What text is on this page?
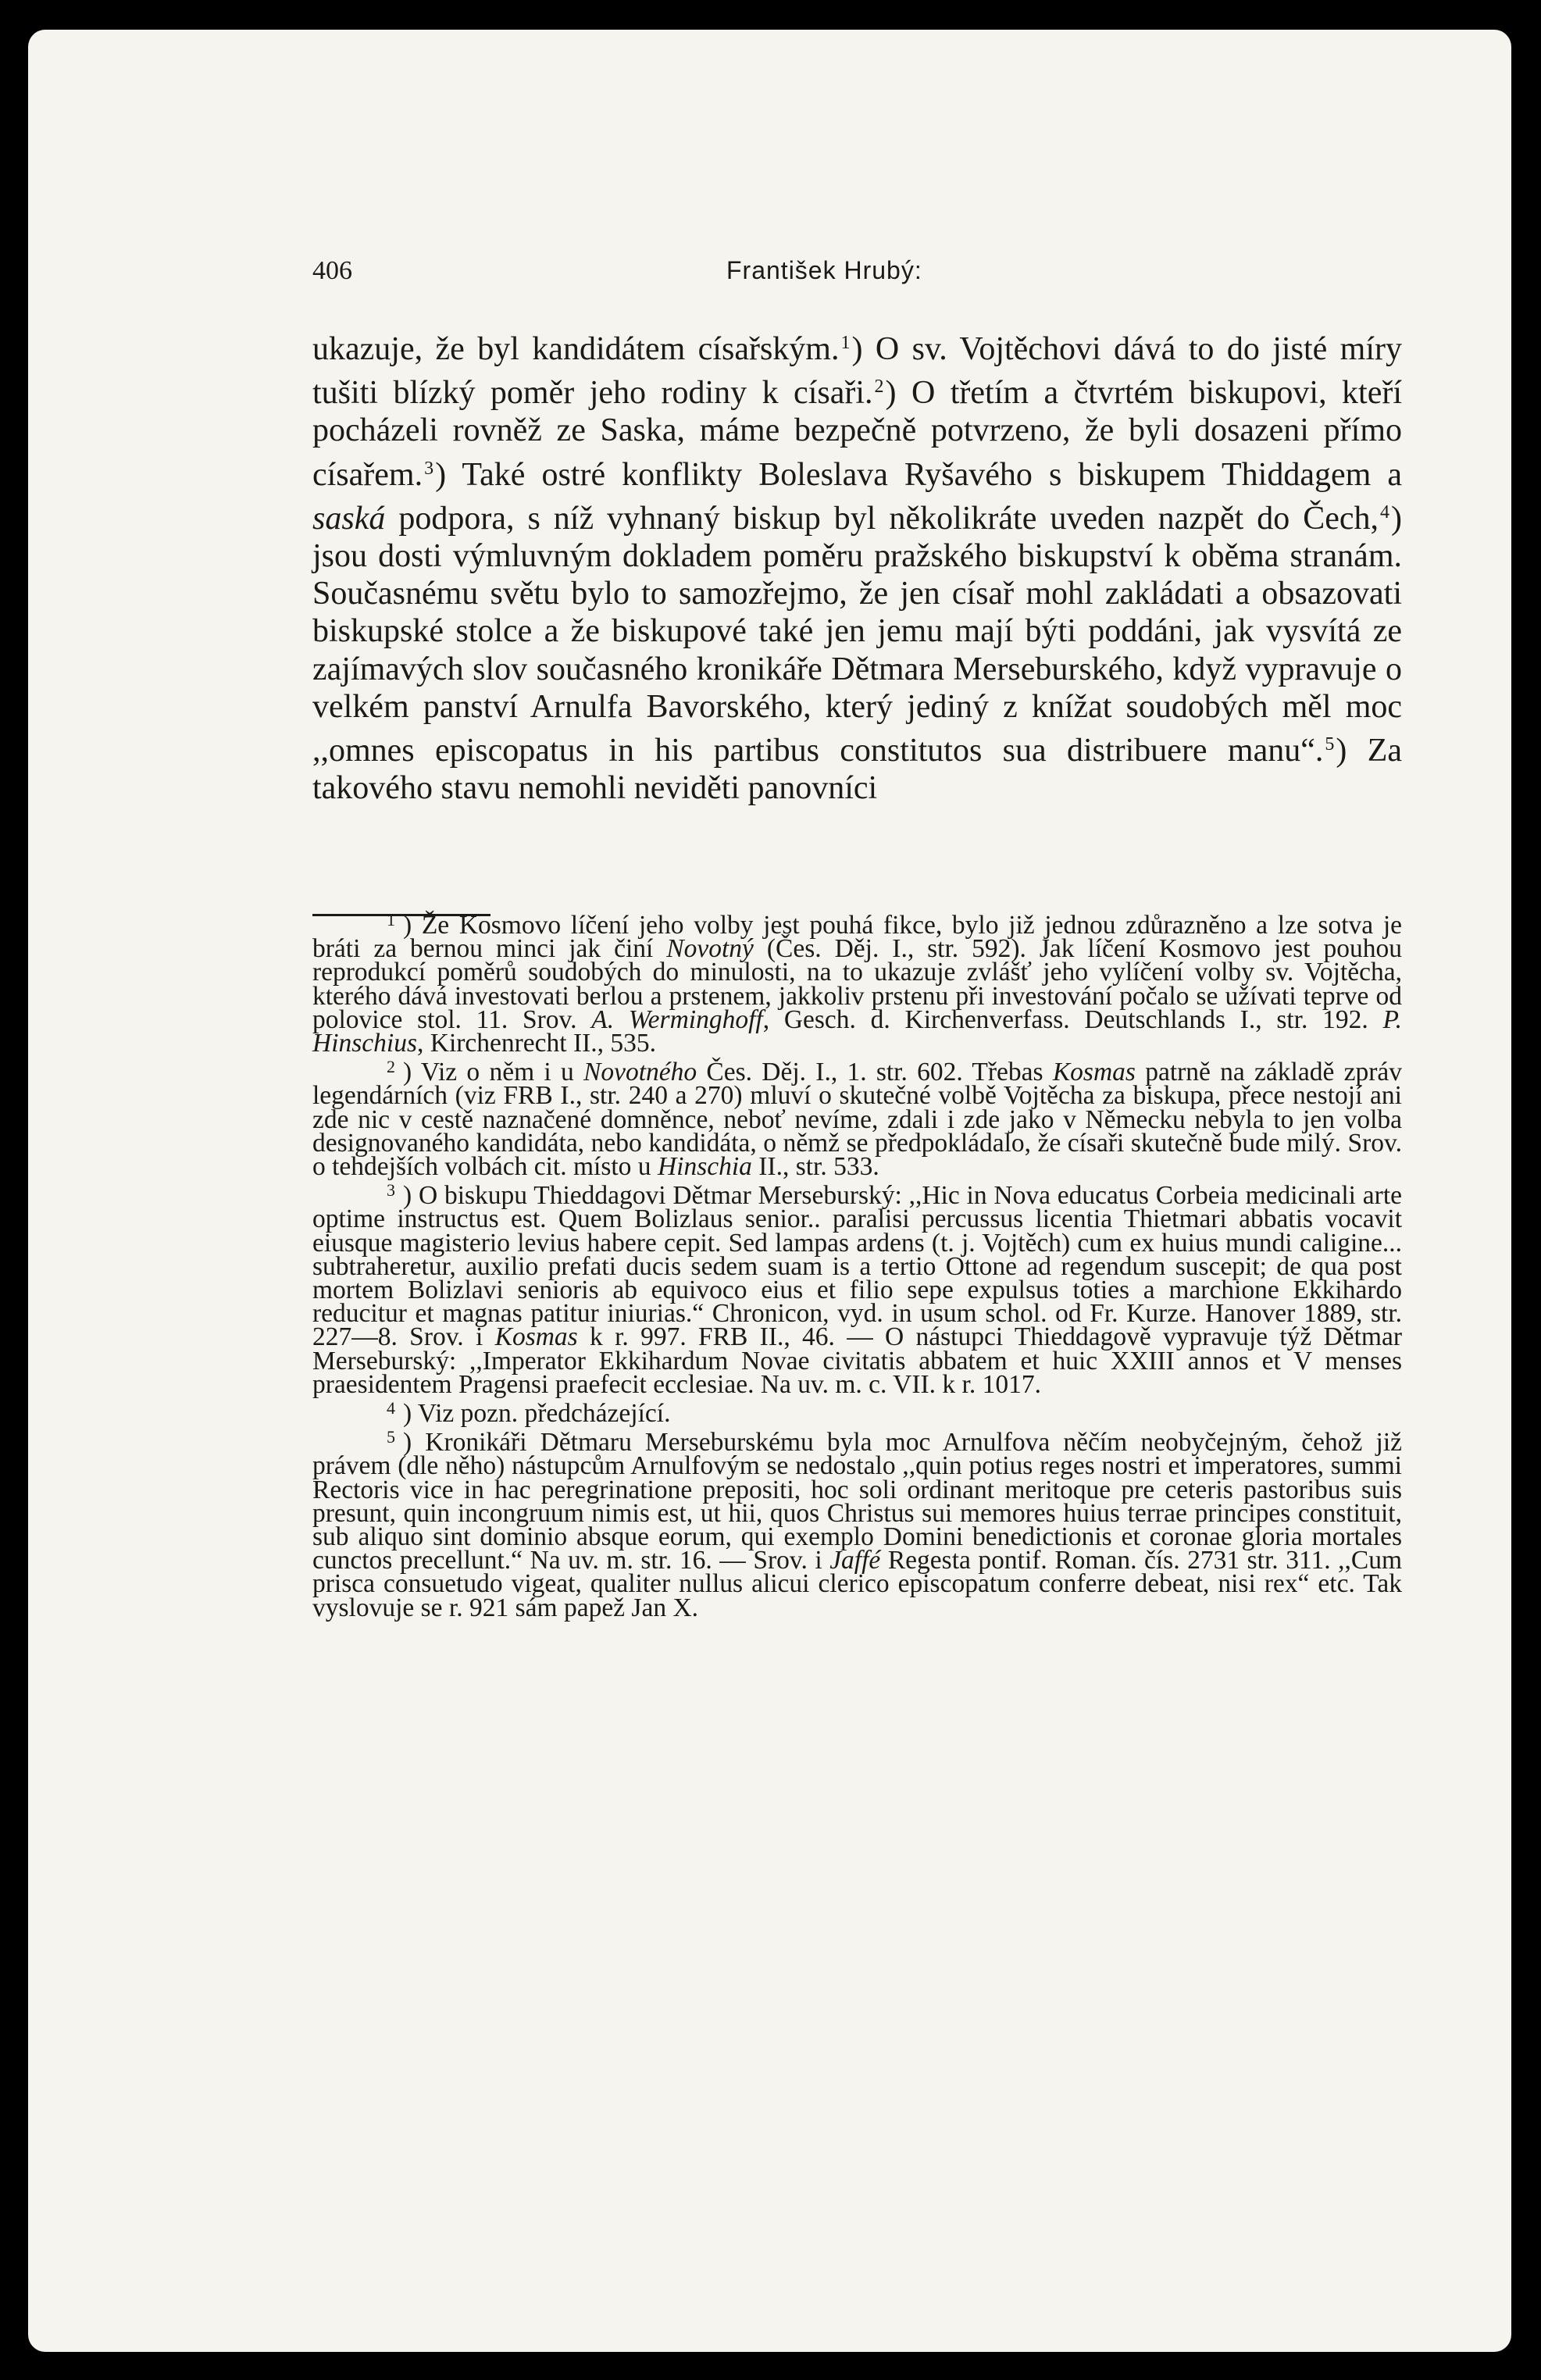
406	František Hrubý:

ukazuje, že byl kandidátem císařským.$^1$) O sv. Vojtěchovi dává to do jisté míry tušiti blízký poměr jeho rodiny k císaři.$^2$) O třetím a čtvrtém biskupovi, kteří pocházeli rovněž ze Saska, máme bezpečně potvrzeno, že byli dosazeni přímo císařem.$^3$) Také ostré konflikty Boleslava Ryšavého s biskupem Thiddagem a saská podpora, s níž vyhnaný biskup byl několikráte uveden nazpět do Čech,$^4$) jsou dosti výmluvným dokladem poměru pražského biskupství k oběma stranám. Současnému světu bylo to samozřejmo, že jen císař mohl zakládati a obsazovati biskupské stolce a že biskupové také jen jemu mají býti poddáni, jak vysvítá ze zajímavých slov současného kronikáře Dětmara Merseburského, když vypravuje o velkém panství Arnulfa Bavorského, který jediný z knížat soudobých měl moc ,,omnes episcopatus in his partibus constitutos sua distribuere manu“.$^5$) Za takového stavu nemohli neviděti panovníci

$^1$ ) Že Kosmovo líčení jeho volby jest pouhá fikce, bylo již jednou zdůrazněno a lze sotva je bráti za bernou minci jak činí Novotný (Čes. Děj. I., str. 592). Jak líčení Kosmovo jest pouhou reprodukcí poměrů soudobých do minulosti, na to ukazuje zvlášť jeho vylíčení volby sv. Vojtěcha, kterého dává investovati berlou a prstenem, jakkoliv prstenu při investování počalo se užívati teprve od polovice stol. 11. Srov. A. Werminghoff, Gesch. d. Kirchenverfass. Deutschlands I., str. 192. P. Hinschius, Kirchenrecht II., 535.

$^2$ ) Viz o něm i u Novotného Čes. Děj. I., 1. str. 602. Třebas Kosmas patrně na základě zpráv legendárních (viz FRB I., str. 240 a 270) mluví o skutečné volbě Vojtěcha za biskupa, přece nestojí ani zde nic v cestě naznačené domněnce, neboť nevíme, zdali i zde jako v Německu nebyla to jen volba designovaného kandidáta, nebo kandidáta, o němž se předpokládalo, že císaři skutečně bude milý. Srov. o tehdejších volbách cit. místo u Hinschia II., str. 533.

$^3$ ) O biskupu Thieddagovi Dětmar Merseburský: ,,Hic in Nova educatus Corbeia medicinali arte optime instructus est. Quem Bolizlaus senior.. paralisi percussus licentia Thietmari abbatis vocavit eiusque magisterio levius habere cepit. Sed lampas ardens (t. j. Vojtěch) cum ex huius mundi caligine... subtraheretur, auxilio prefati ducis sedem suam is a tertio Ottone ad regendum suscepit; de qua post mortem Bolizlavi senioris ab equivoco eius et filio sepe expulsus toties a marchione Ekkihardo reducitur et magnas patitur iniurias.“ Chronicon, vyd. in usum schol. od Fr. Kurze. Hanover 1889, str. 227—8. Srov. i Kosmas k r. 997. FRB II., 46. — O nástupci Thieddagově vypravuje týž Dětmar Merseburský: ,,Imperator Ekkihardum Novae civitatis abbatem et huic XXIII annos et V menses praesidentem Pragensi praefecit ecclesiae. Na uv. m. c. VII. k r. 1017.

$^4$ ) Viz pozn. předcházející.

$^5$ ) Kronikáři Dětmaru Merseburskému byla moc Arnulfova něčím neobyčejným, čehož již právem (dle něho) nástupcům Arnulfovým se nedostalo ,,quin potius reges nostri et imperatores, summi Rectoris vice in hac peregrinatione prepositi, hoc soli ordinant meritoque pre ceteris pastoribus suis presunt, quin incongruum nimis est, ut hii, quos Christus sui memores huius terrae principes constituit, sub aliquo sint dominio absque eorum, qui exemplo Domini benedictionis et coronae gloria mortales cunctos precellunt.“ Na uv. m. str. 16. — Srov. i Jaffé Regesta pontif. Roman. čís. 2731 str. 311. ,,Cum prisca consuetudo vigeat, qualiter nullus alicui clerico episcopatum conferre debeat, nisi rex“ etc. Tak vyslovuje se r. 921 sám papež Jan X.
